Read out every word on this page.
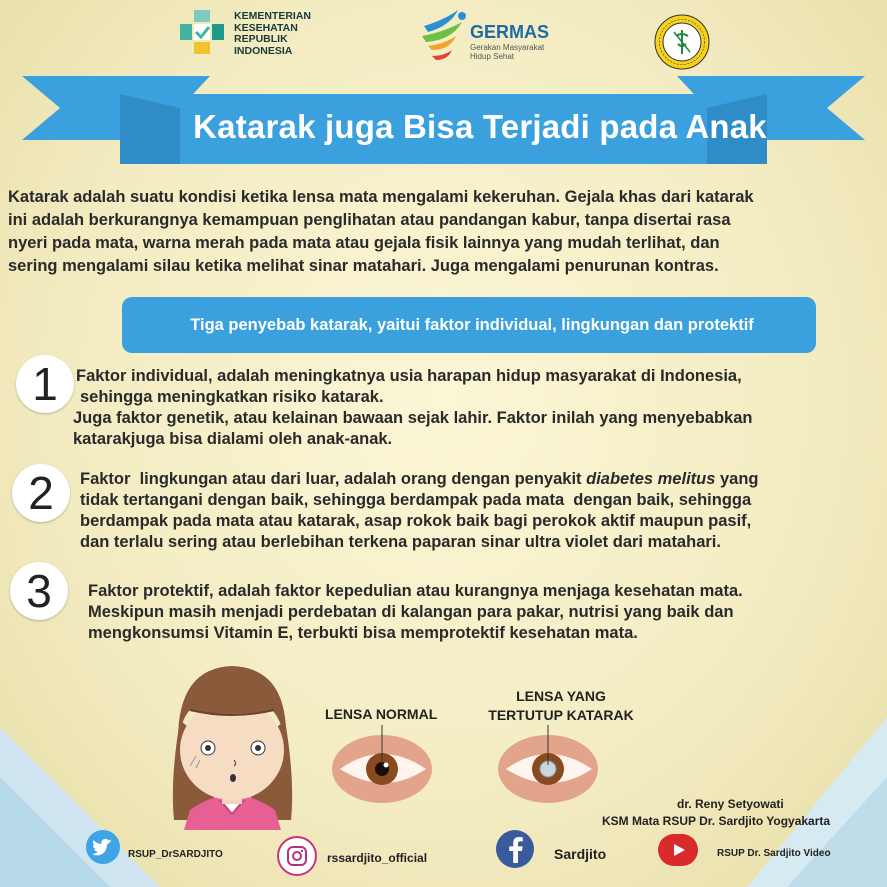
KEMENTERIAN
KESEHATAN
REPUBLIK
INDONESIA
GERMAS
Gerakan Masyarakat
Hidup Sehat
Katarak juga Bisa Terjadi pada Anak
Katarak adalah suatu kondisi ketika lensa mata mengalami kekeruhan. Gejala khas dari katarak
ini adalah berkurangnya kemampuan penglihatan atau pandangan kabur, tanpa disertai rasa
nyeri pada mata, warna merah pada mata atau gejala fisik lainnya yang mudah terlihat, dan
sering mengalami silau ketika melihat sinar matahari. Juga mengalami penurunan kontras.
Tiga penyebab katarak, yaitui faktor individual, lingkungan dan protektif
1	Faktor individual, adalah meningkatnya usia harapan hidup masyarakat di Indonesia,
sehingga meningkatkan risiko katarak.
Juga faktor genetik, atau kelainan bawaan sejak lahir. Faktor inilah yang menyebabkan
katarakjuga bisa dialami oleh anak-anak.
2	Faktor  lingkungan atau dari luar, adalah orang dengan penyakit diabetes melitus yang
tidak tertangani dengan baik, sehingga berdampak pada mata  dengan baik, sehingga
berdampak pada mata atau katarak, asap rokok baik bagi perokok aktif maupun pasif,
dan terlalu sering atau berlebihan terkena paparan sinar ultra violet dari matahari.
3	Faktor protektif, adalah faktor kepedulian atau kurangnya menjaga kesehatan mata.
Meskipun masih menjadi perdebatan di kalangan para pakar, nutrisi yang baik dan
mengkonsumsi Vitamin E, terbukti bisa memprotektif kesehatan mata.
LENSA NORMAL
LENSA YANG
TERTUTUP KATARAK
dr. Reny Setyowati
KSM Mata RSUP Dr. Sardjito Yogyakarta
RSUP_DrSARDJITO	rssardjito_official	Sardjito	RSUP Dr. Sardjito Video
